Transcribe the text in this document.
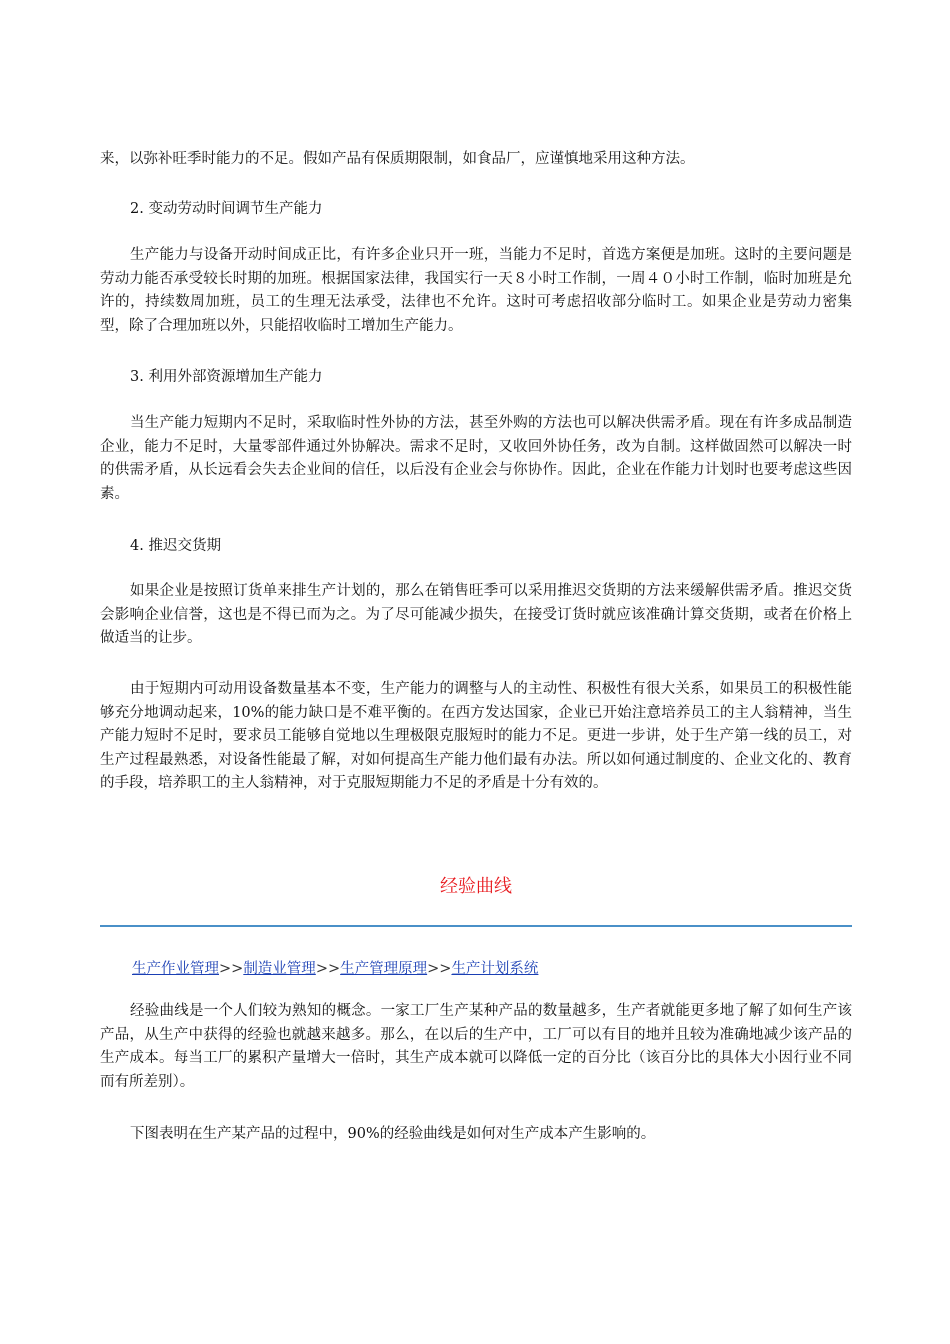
来，以弥补旺季时能力的不足。假如产品有保质期限制，如食品厂，应谨慎地采用这种方法。

2. 变动劳动时间调节生产能力

生产能力与设备开动时间成正比，有许多企业只开一班，当能力不足时，首选方案便是加班。这时的主要问题是劳动力能否承受较长时期的加班。根据国家法律，我国实行一天８小时工作制，一周４０小时工作制，临时加班是允许的，持续数周加班，员工的生理无法承受，法律也不允许。这时可考虑招收部分临时工。如果企业是劳动力密集型，除了合理加班以外，只能招收临时工增加生产能力。

3. 利用外部资源增加生产能力

当生产能力短期内不足时，采取临时性外协的方法，甚至外购的方法也可以解决供需矛盾。现在有许多成品制造企业，能力不足时，大量零部件通过外协解决。需求不足时，又收回外协任务，改为自制。这样做固然可以解决一时的供需矛盾，从长远看会失去企业间的信任，以后没有企业会与你协作。因此，企业在作能力计划时也要考虑这些因素。

4. 推迟交货期

如果企业是按照订货单来排生产计划的，那么在销售旺季可以采用推迟交货期的方法来缓解供需矛盾。推迟交货会影响企业信誉，这也是不得已而为之。为了尽可能减少损失，在接受订货时就应该准确计算交货期，或者在价格上做适当的让步。

由于短期内可动用设备数量基本不变，生产能力的调整与人的主动性、积极性有很大关系，如果员工的积极性能够充分地调动起来，10%的能力缺口是不难平衡的。在西方发达国家，企业已开始注意培养员工的主人翁精神，当生产能力短时不足时，要求员工能够自觉地以生理极限克服短时的能力不足。更进一步讲，处于生产第一线的员工，对生产过程最熟悉，对设备性能最了解，对如何提高生产能力他们最有办法。所以如何通过制度的、企业文化的、教育的手段，培养职工的主人翁精神，对于克服短期能力不足的矛盾是十分有效的。

经验曲线

生产作业管理>>制造业管理>>生产管理原理>>生产计划系统

经验曲线是一个人们较为熟知的概念。一家工厂生产某种产品的数量越多，生产者就能更多地了解了如何生产该产品，从生产中获得的经验也就越来越多。那么，在以后的生产中，工厂可以有目的地并且较为准确地减少该产品的生产成本。每当工厂的累积产量增大一倍时，其生产成本就可以降低一定的百分比（该百分比的具体大小因行业不同而有所差别）。

下图表明在生产某产品的过程中，90%的经验曲线是如何对生产成本产生影响的。
